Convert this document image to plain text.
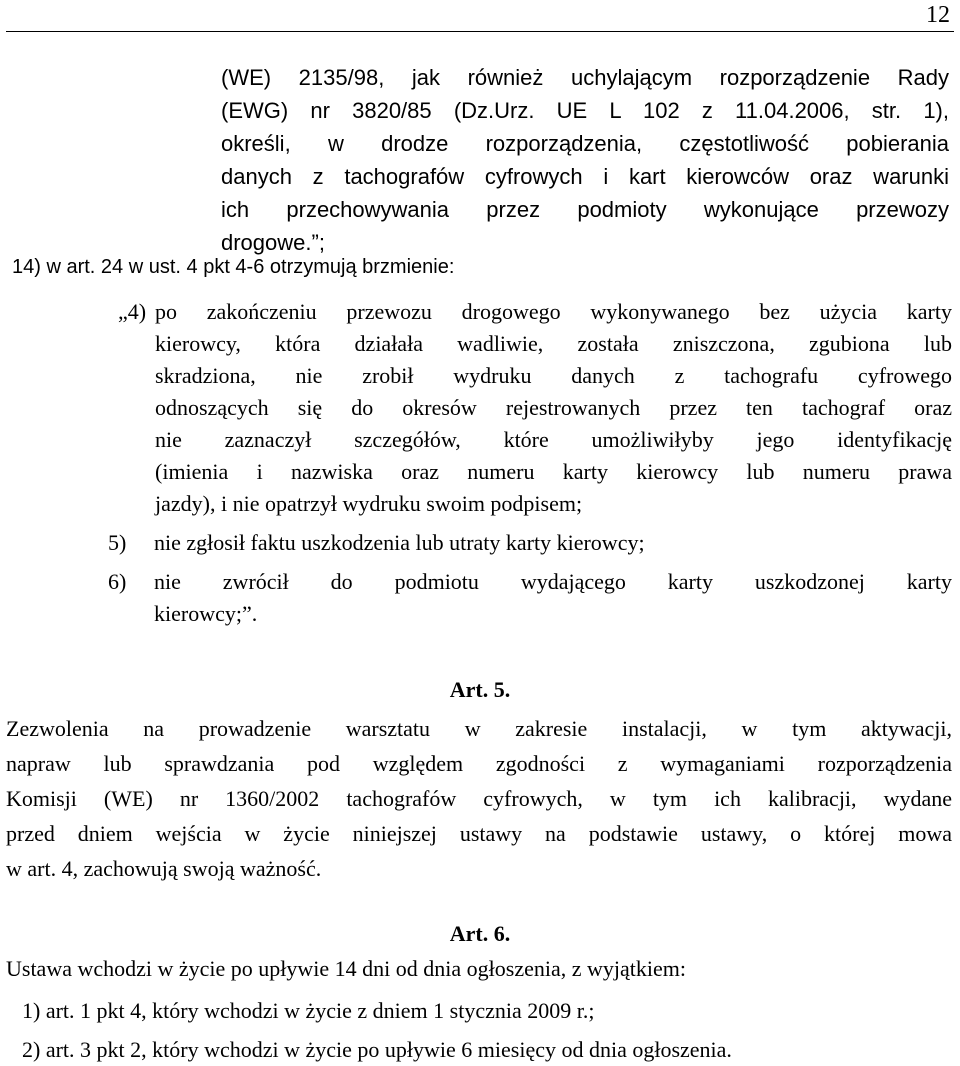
12
(WE) 2135/98, jak również uchylającym rozporządzenie Rady
(EWG) nr 3820/85 (Dz.Urz. UE L 102 z 11.04.2006, str. 1),
określi, w drodze rozporządzenia, częstotliwość pobierania
danych z tachografów cyfrowych i kart kierowców oraz warunki
ich przechowywania przez podmioty wykonujące przewozy
drogowe.”;
14) w art. 24 w ust. 4 pkt 4-6 otrzymują brzmienie:
„4) po zakończeniu przewozu drogowego wykonywanego bez użycia karty
kierowcy, która działała wadliwie, została zniszczona, zgubiona lub
skradziona, nie zrobił wydruku danych z tachografu cyfrowego
odnoszących się do okresów rejestrowanych przez ten tachograf oraz
nie zaznaczył szczegółów, które umożliwiłyby jego identyfikację
(imienia i nazwiska oraz numeru karty kierowcy lub numeru prawa
jazdy), i nie opatrzył wydruku swoim podpisem;
5)	nie zgłosił faktu uszkodzenia lub utraty karty kierowcy;
6)	nie zwrócił do podmiotu wydającego karty uszkodzonej karty
kierowcy;”.
Art. 5.
Zezwolenia na prowadzenie warsztatu w zakresie instalacji, w tym aktywacji,
napraw lub sprawdzania pod względem zgodności z wymaganiami rozporządzenia
Komisji (WE) nr 1360/2002 tachografów cyfrowych, w tym ich kalibracji, wydane
przed dniem wejścia w życie niniejszej ustawy na podstawie ustawy, o której mowa
w art. 4, zachowują swoją ważność.
Art. 6.
Ustawa wchodzi w życie po upływie 14 dni od dnia ogłoszenia, z wyjątkiem:
1) art. 1 pkt 4, który wchodzi w życie z dniem 1 stycznia 2009 r.;
2) art. 3 pkt 2, który wchodzi w życie po upływie 6 miesięcy od dnia ogłoszenia.
